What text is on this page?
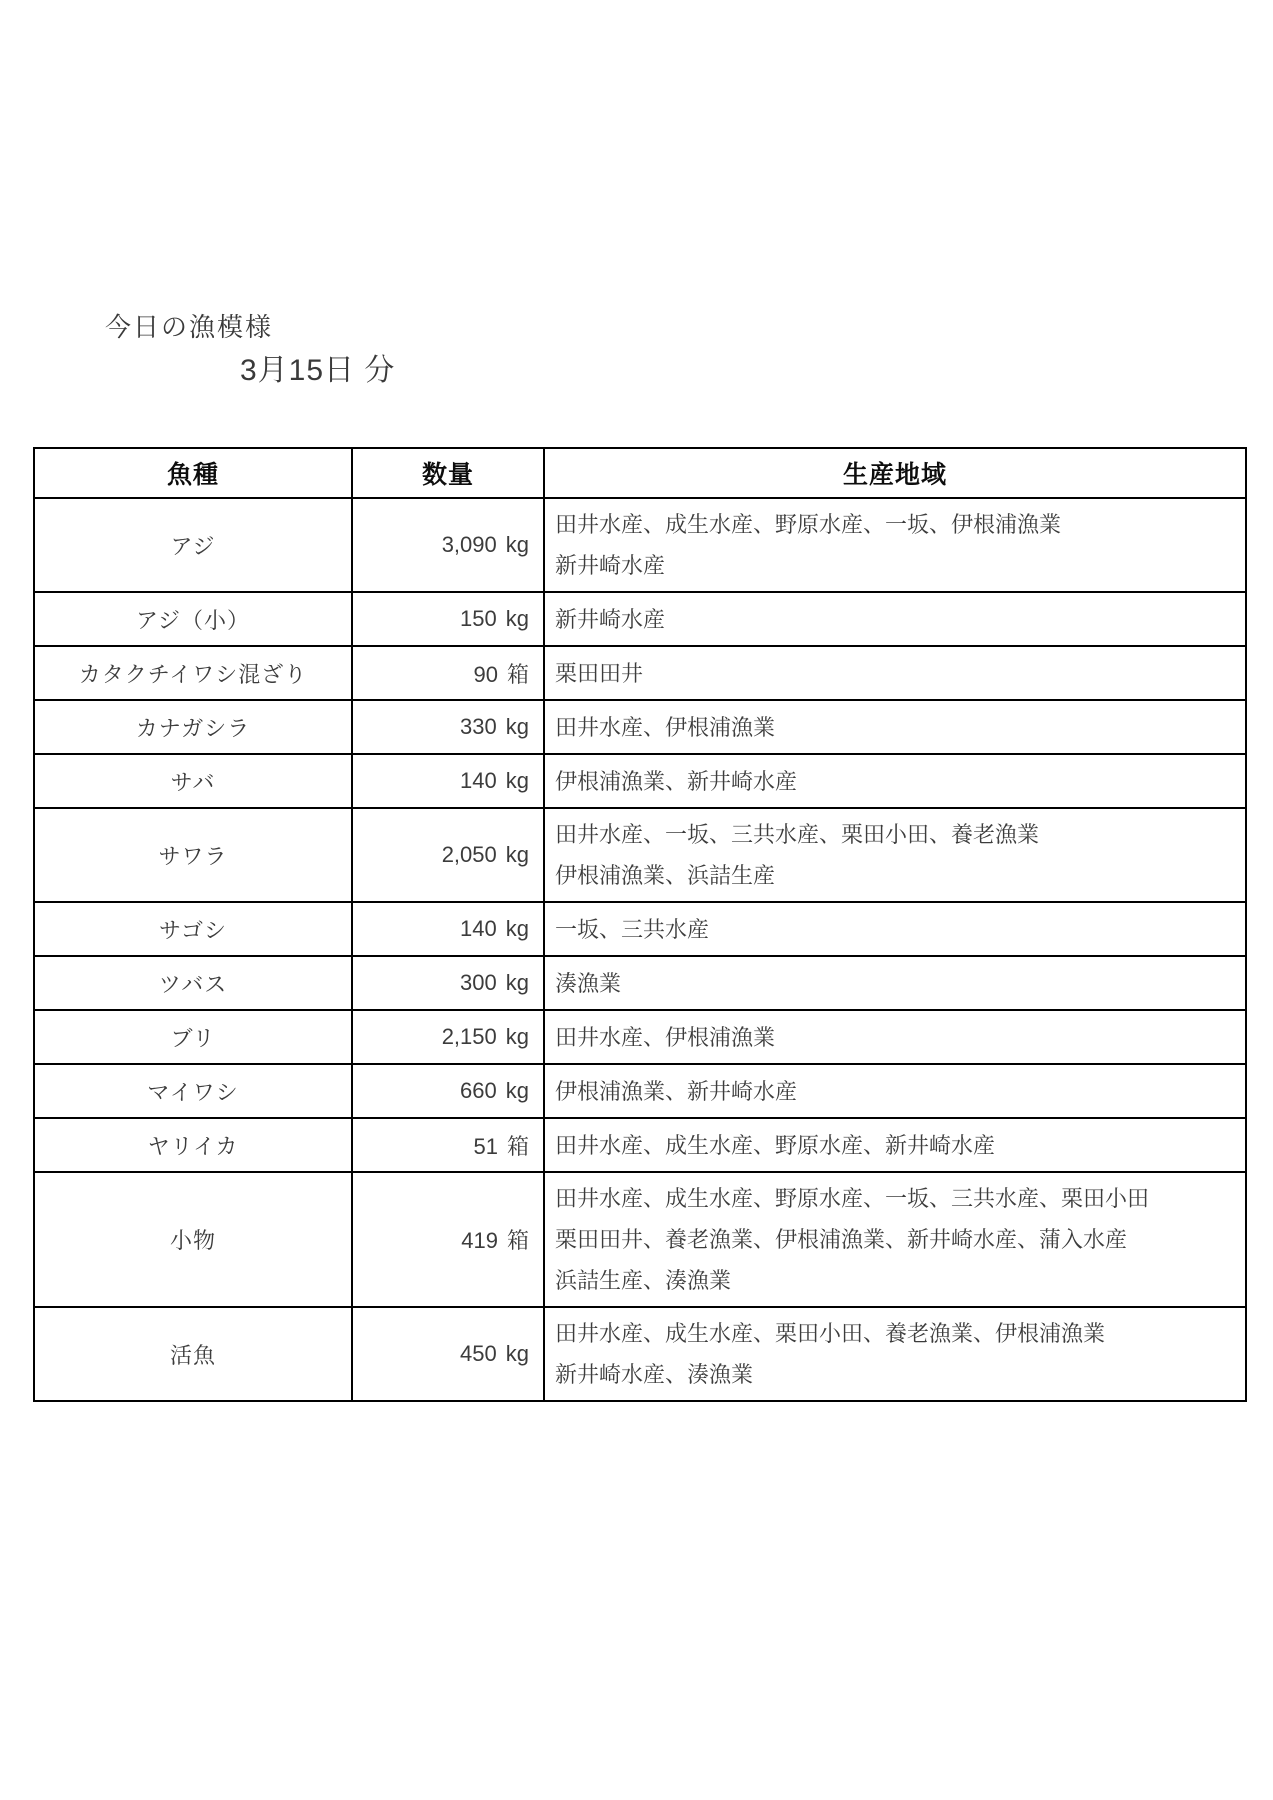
今日の漁模様
3月15日 分
魚種	数量	生産地域
アジ	3,090 kg	田井水産、成生水産、野原水産、一坂、伊根浦漁業
新井崎水産

アジ（小）	150 kg	新井崎水産

カタクチイワシ混ざり	90 箱	栗田田井

カナガシラ	330 kg	田井水産、伊根浦漁業

サバ	140 kg	伊根浦漁業、新井崎水産

サワラ	2,050 kg	田井水産、一坂、三共水産、栗田小田、養老漁業
伊根浦漁業、浜詰生産

サゴシ	140 kg	一坂、三共水産

ツバス	300 kg	湊漁業

ブリ	2,150 kg	田井水産、伊根浦漁業

マイワシ	660 kg	伊根浦漁業、新井崎水産

ヤリイカ	51 箱	田井水産、成生水産、野原水産、新井崎水産

小物	419 箱	田井水産、成生水産、野原水産、一坂、三共水産、栗田小田
栗田田井、養老漁業、伊根浦漁業、新井崎水産、蒲入水産
浜詰生産、湊漁業

活魚	450 kg	田井水産、成生水産、栗田小田、養老漁業、伊根浦漁業
新井崎水産、湊漁業
